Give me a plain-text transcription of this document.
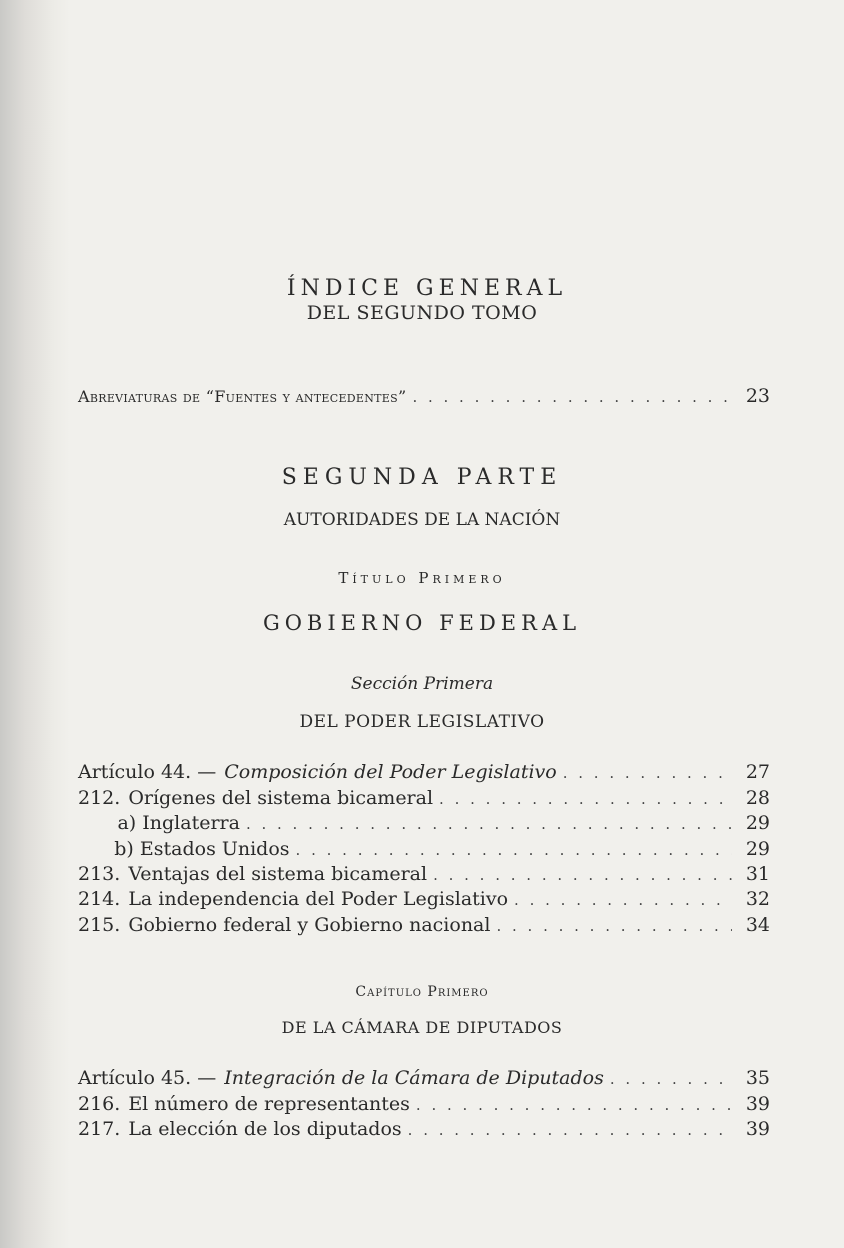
ÍNDICE GENERAL
DEL SEGUNDO TOMO
Abreviaturas de “Fuentes y antecedentes” . . .	23
SEGUNDA PARTE
AUTORIDADES DE LA NACIÓN
Título Primero
GOBIERNO FEDERAL
Sección Primera
DEL PODER LEGISLATIVO
Artículo 44. — Composición del Poder Legislativo . . .	27
212. Orígenes del sistema bicameral . . .	28
a) Inglaterra . . .	29
b) Estados Unidos . . .	29
213. Ventajas del sistema bicameral . . .	31
214. La independencia del Poder Legislativo . . .	32
215. Gobierno federal y Gobierno nacional . . .	34
Capítulo Primero
DE LA CÁMARA DE DIPUTADOS
Artículo 45. — Integración de la Cámara de Diputados . . .	35
216. El número de representantes . . .	39
217. La elección de los diputados . . .	39
